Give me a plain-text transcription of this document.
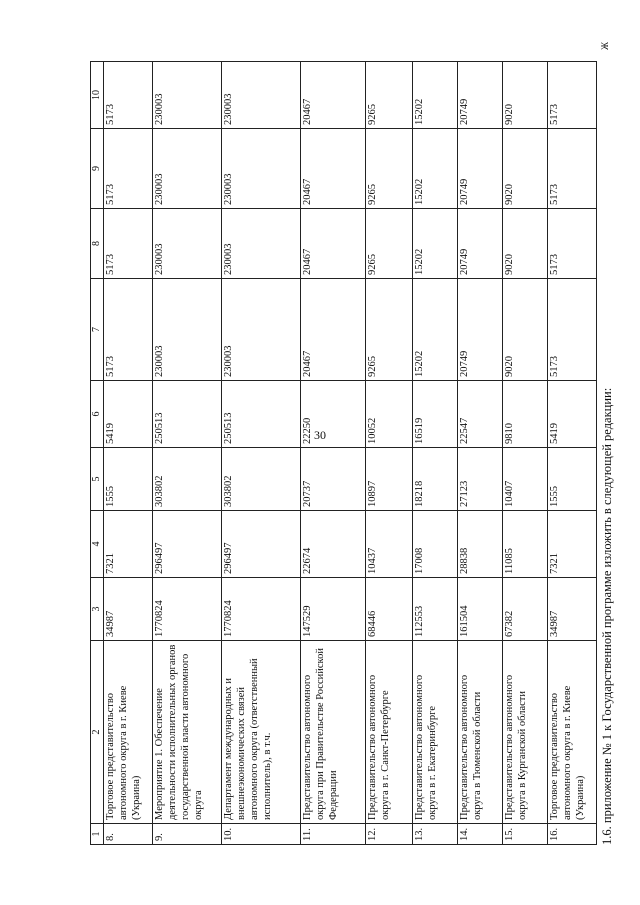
30
1	2	3	4	5	6	7	8	9	10
8.	Торговое представительство автономного округа в г. Киеве (Украина)	34987	7321	1555	5419	5173	5173	5173	5173
9.	Мероприятие 1. Обеспечение деятельности исполнительных органов государственной власти автономного округа	1770824	296497	303802	250513	230003	230003	230003	230003
10.	Департамент международных и внешнеэкономических связей автономного округа (ответственный исполнитель), в т.ч.	1770824	296497	303802	250513	230003	230003	230003	230003
11.	Представительство автономного округа при Правительстве Российской Федерации	147529	22674	20737	22250	20467	20467	20467	20467
12.	Представительство автономного округа в г. Санкт-Петербурге	68446	10437	10897	10052	9265	9265	9265	9265
13.	Представительство автономного округа в г. Екатеринбурге	112553	17008	18218	16519	15202	15202	15202	15202
14.	Представительство автономного округа в Тюменской области	161504	28838	27123	22547	20749	20749	20749	20749
15.	Представительство автономного округа в Курганской области	67382	11085	10407	9810	9020	9020	9020	9020
16.	Торговое представительство автономного округа в г. Киеве (Украина)	34987	7321	1555	5419	5173	5173	5173	5173
1.6. приложение № 1 к Государственной программе изложить в следующей редакции:
Ж
